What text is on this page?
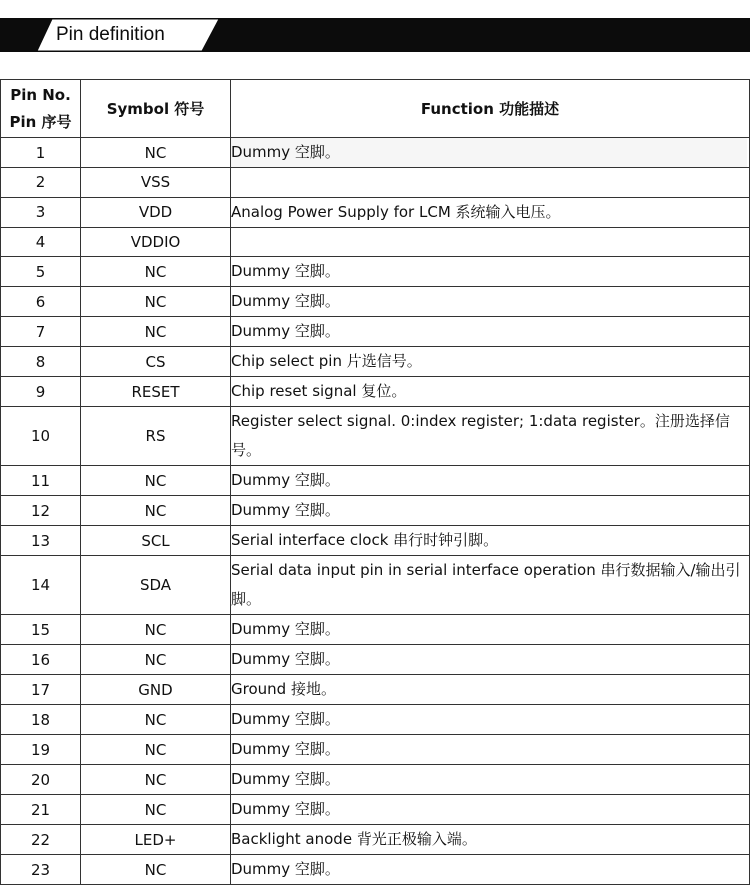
Pin definition
Pin No.
Pin 序号	Symbol 符号	Function 功能描述
1	NC	Dummy 空脚。

2	VSS	
3	VDD	Analog Power Supply for LCM 系统输入电压。
4	VDDIO	
5	NC	Dummy 空脚。
6	NC	Dummy 空脚。
7	NC	Dummy 空脚。
8	CS	Chip select pin 片选信号。
9	RESET	Chip reset signal 复位。
10	RS	Register select signal. 0:index register; 1:data register。注册选择信号。
11	NC	Dummy 空脚。
12	NC	Dummy 空脚。
13	SCL	Serial interface clock 串行时钟引脚。
14	SDA	Serial data input pin in serial interface operation 串行数据输入/输出引脚。
15	NC	Dummy 空脚。
16	NC	Dummy 空脚。
17	GND	Ground 接地。
18	NC	Dummy 空脚。
19	NC	Dummy 空脚。
20	NC	Dummy 空脚。
21	NC	Dummy 空脚。
22	LED+	Backlight anode 背光正极输入端。
23	NC	Dummy 空脚。
